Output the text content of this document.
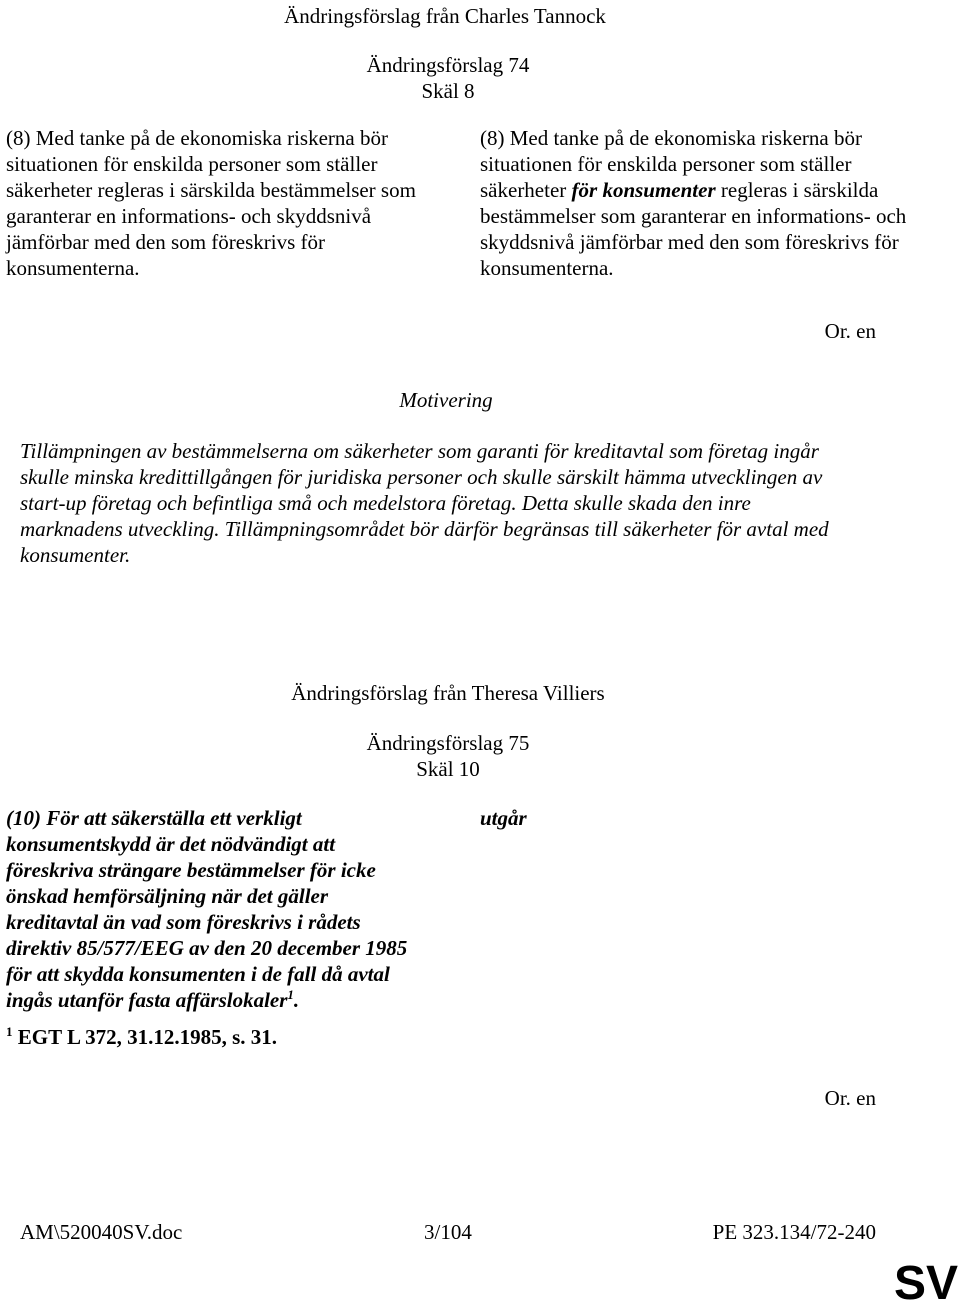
Ändringsförslag från Charles Tannock
Ändringsförslag 74
Skäl 8

(8) Med tanke på de ekonomiska riskerna bör situationen för enskilda personer som ställer säkerheter regleras i särskilda bestämmelser som garanterar en informations- och skyddsnivå jämförbar med den som föreskrivs för konsumenterna.

(8) Med tanke på de ekonomiska riskerna bör situationen för enskilda personer som ställer säkerheter för konsumenter regleras i särskilda bestämmelser som garanterar en informations- och skyddsnivå jämförbar med den som föreskrivs för konsumenterna.

Or. en
Motivering

Tillämpningen av bestämmelserna om säkerheter som garanti för kreditavtal som företag ingår skulle minska kredittillgången för juridiska personer och skulle särskilt hämma utvecklingen av start-up företag och befintliga små och medelstora företag. Detta skulle skada den inre marknadens utveckling. Tillämpningsområdet bör därför begränsas till säkerheter för avtal med konsumenter.

Ändringsförslag från Theresa Villiers
Ändringsförslag 75
Skäl 10

(10) För att säkerställa ett verkligt konsumentskydd är det nödvändigt att föreskriva strängare bestämmelser för icke önskad hemförsäljning när det gäller kreditavtal än vad som föreskrivs i rådets direktiv 85/577/EEG av den 20 december 1985 för att skydda konsumenten i de fall då avtal ingås utanför fasta affärslokaler$^1$.

$^1$ EGT L 372, 31.12.1985, s. 31.

utgår
Or. en
AM\520040SV.doc	3/104	PE 323.134/72-240
SV
